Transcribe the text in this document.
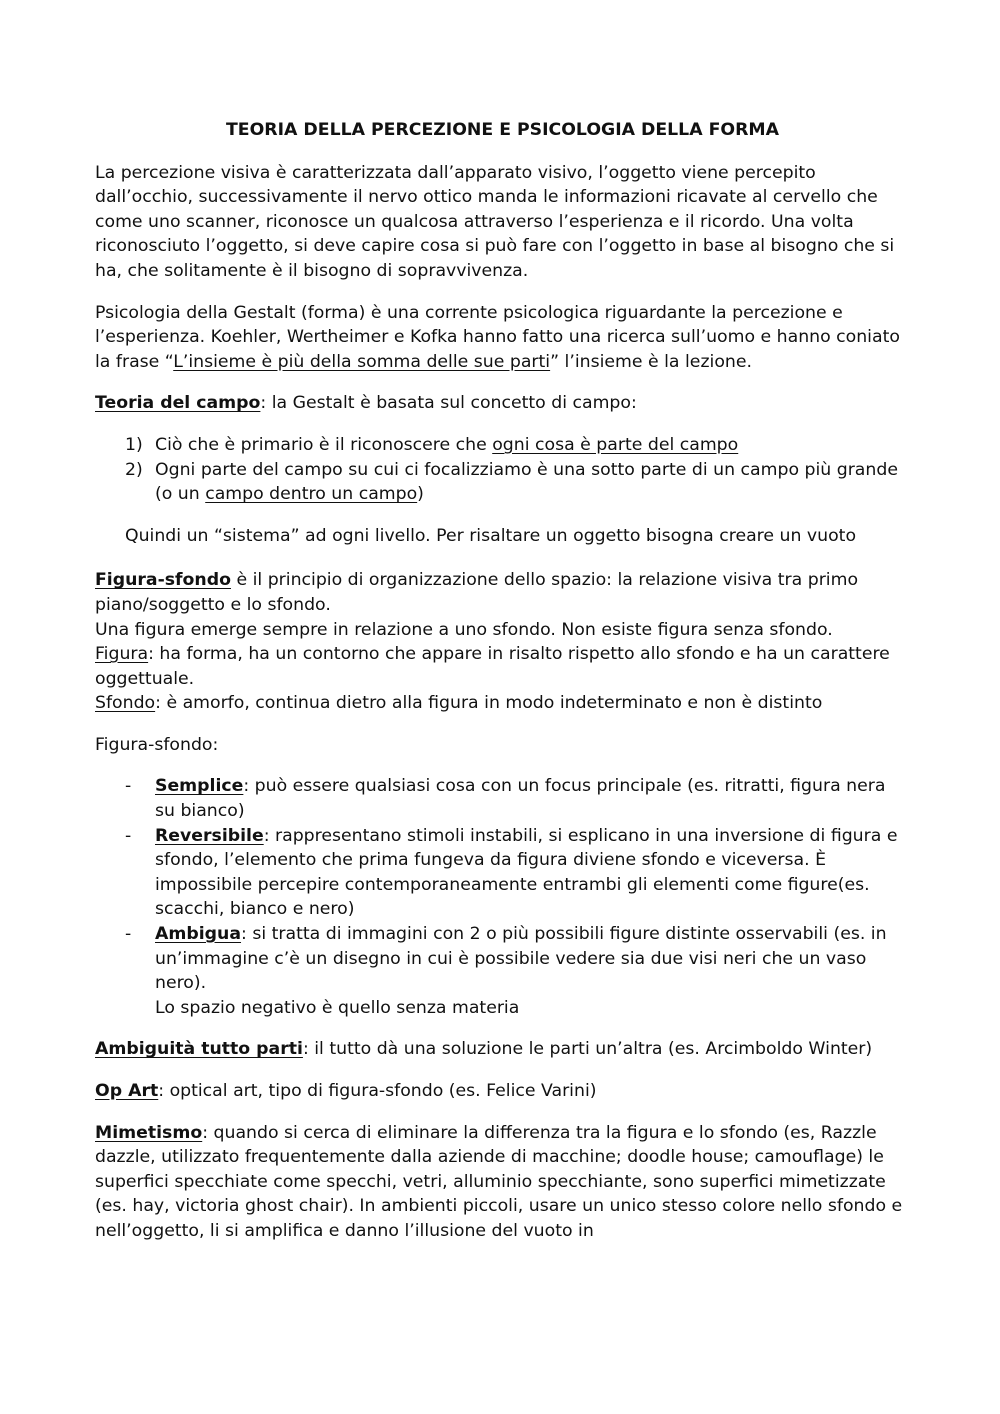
TEORIA DELLA PERCEZIONE E PSICOLOGIA DELLA FORMA

La percezione visiva è caratterizzata dall’apparato visivo, l’oggetto viene percepito dall’occhio, successivamente il nervo ottico manda le informazioni ricavate al cervello che come uno scanner, riconosce un qualcosa attraverso l’esperienza e il ricordo. Una volta riconosciuto l’oggetto, si deve capire cosa si può fare con l’oggetto in base al bisogno che si ha, che solitamente è il bisogno di sopravvivenza.

Psicologia della Gestalt (forma) è una corrente psicologica riguardante la percezione e l’esperienza. Koehler, Wertheimer e Kofka hanno fatto una ricerca sull’uomo e hanno coniato la frase “L’insieme è più della somma delle sue parti” l’insieme è la lezione.

Teoria del campo: la Gestalt è basata sul concetto di campo:

1) Ciò che è primario è il riconoscere che ogni cosa è parte del campo
2) Ogni parte del campo su cui ci focalizziamo è una sotto parte di un campo più grande (o un campo dentro un campo)

Quindi un “sistema” ad ogni livello. Per risaltare un oggetto bisogna creare un vuoto

Figura-sfondo è il principio di organizzazione dello spazio: la relazione visiva tra primo piano/soggetto e lo sfondo.

Una figura emerge sempre in relazione a uno sfondo. Non esiste figura senza sfondo.

Figura: ha forma, ha un contorno che appare in risalto rispetto allo sfondo e ha un carattere oggettuale.

Sfondo: è amorfo, continua dietro alla figura in modo indeterminato e non è distinto

Figura-sfondo:

- Semplice: può essere qualsiasi cosa con un focus principale (es. ritratti, figura nera su bianco)
- Reversibile: rappresentano stimoli instabili, si esplicano in una inversione di figura e sfondo, l’elemento che prima fungeva da figura diviene sfondo e viceversa. È impossibile percepire contemporaneamente entrambi gli elementi come figure(es. scacchi, bianco e nero)
- Ambigua: si tratta di immagini con 2 o più possibili figure distinte osservabili (es. in un’immagine c’è un disegno in cui è possibile vedere sia due visi neri che un vaso nero).
Lo spazio negativo è quello senza materia

Ambiguità tutto parti: il tutto dà una soluzione le parti un’altra (es. Arcimboldo Winter)

Op Art: optical art, tipo di figura-sfondo (es. Felice Varini)

Mimetismo: quando si cerca di eliminare la differenza tra la figura e lo sfondo (es, Razzle dazzle, utilizzato frequentemente dalla aziende di macchine; doodle house; camouflage) le superfici specchiate come specchi, vetri, alluminio specchiante, sono superfici mimetizzate (es. hay, victoria ghost chair). In ambienti piccoli, usare un unico stesso colore nello sfondo e nell’oggetto, li si amplifica e danno l’illusione del vuoto in
